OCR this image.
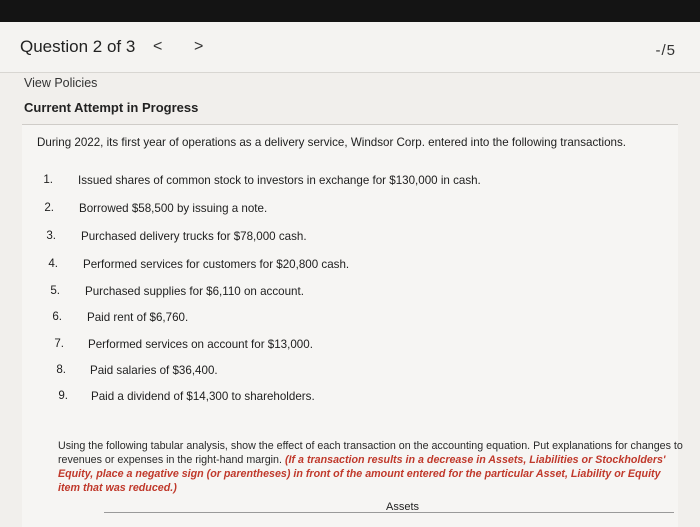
Question 2 of 3 < >	-/5
View Policies
Current Attempt in Progress
During 2022, its first year of operations as a delivery service, Windsor Corp. entered into the following transactions.
1. Issued shares of common stock to investors in exchange for $130,000 in cash.
2. Borrowed $58,500 by issuing a note.
3. Purchased delivery trucks for $78,000 cash.
4. Performed services for customers for $20,800 cash.
5. Purchased supplies for $6,110 on account.
6. Paid rent of $6,760.
7. Performed services on account for $13,000.
8. Paid salaries of $36,400.
9. Paid a dividend of $14,300 to shareholders.
Using the following tabular analysis, show the effect of each transaction on the accounting equation. Put explanations for changes to revenues or expenses in the right-hand margin. (If a transaction results in a decrease in Assets, Liabilities or Stockholders' Equity, place a negative sign (or parentheses) in front of the amount entered for the particular Asset, Liability or Equity item that was reduced.)
Assets
